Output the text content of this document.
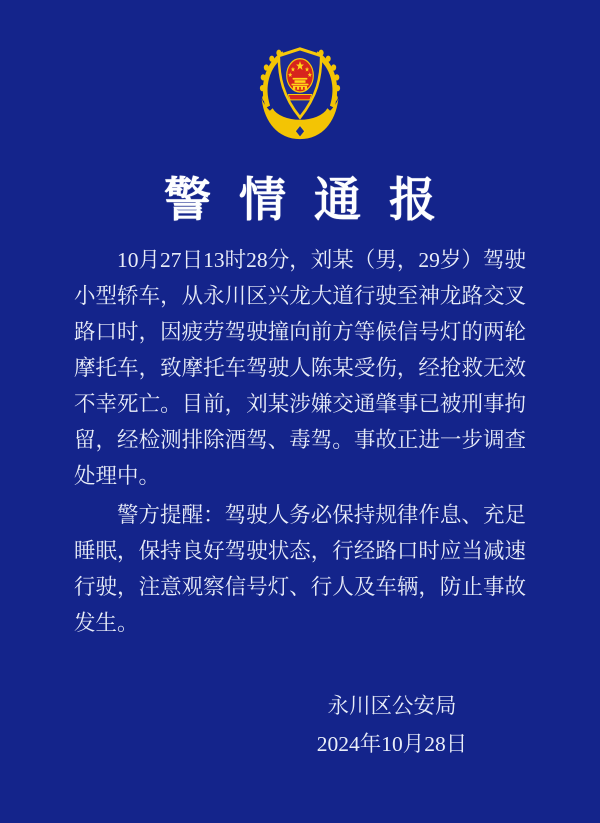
警情通报

10月27日13时28分，刘某（男，29岁）驾驶小型轿车，从永川区兴龙大道行驶至神龙路交叉路口时，因疲劳驾驶撞向前方等候信号灯的两轮摩托车，致摩托车驾驶人陈某受伤，经抢救无效不幸死亡。目前，刘某涉嫌交通肇事已被刑事拘留，经检测排除酒驾、毒驾。事故正进一步调查处理中。

警方提醒：驾驶人务必保持规律作息、充足睡眠，保持良好驾驶状态，行经路口时应当减速行驶，注意观察信号灯、行人及车辆，防止事故发生。

永川区公安局
2024年10月28日
